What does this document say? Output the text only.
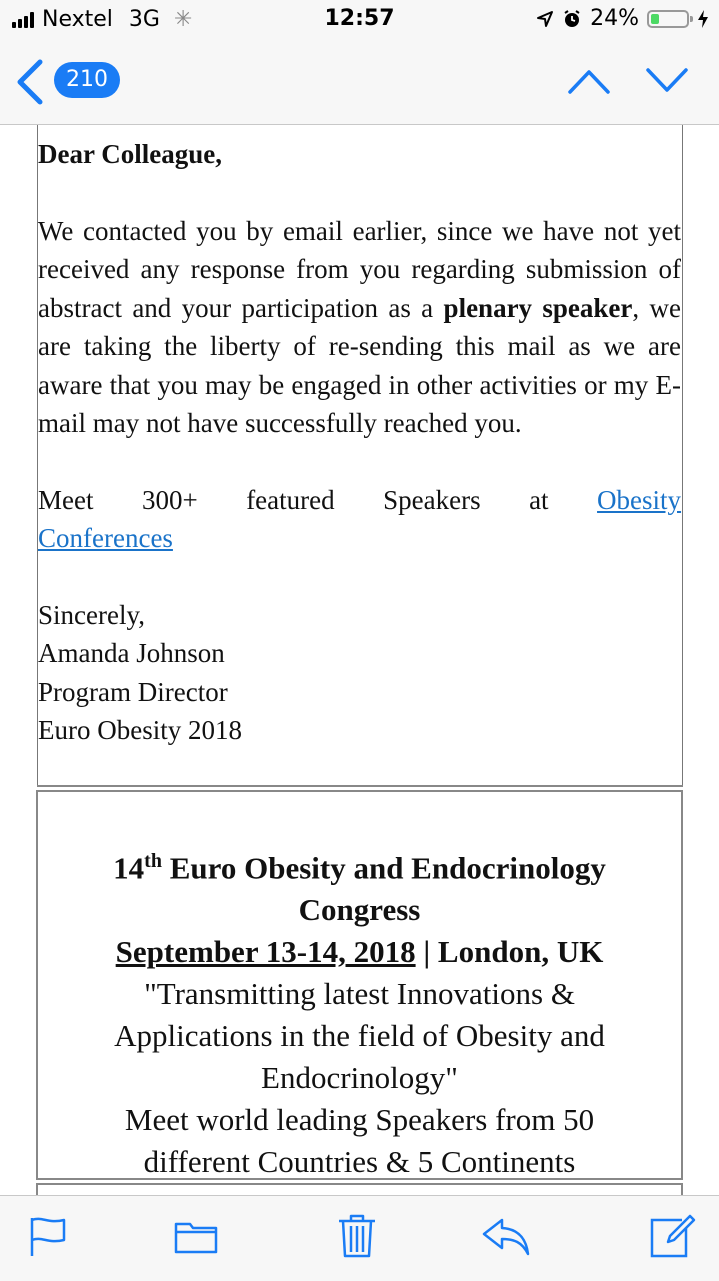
Nextel 3G ✳	12:57	24%
210

Dear Colleague,

We contacted you by email earlier, since we have not yet received any response from you regarding submission of abstract and your participation as a plenary speaker, we are taking the liberty of re-sending this mail as we are aware that you may be engaged in other activities or my E-mail may not have successfully reached you.

Meet 300+ featured Speakers at Obesity

Conferences

Sincerely,
Amanda Johnson
Program Director
Euro Obesity 2018
14th Euro Obesity and Endocrinology Congress
September 13-14, 2018 | London, UK
"Transmitting latest Innovations & Applications in the field of Obesity and Endocrinology"
Meet world leading Speakers from 50 different Countries & 5 Continents
